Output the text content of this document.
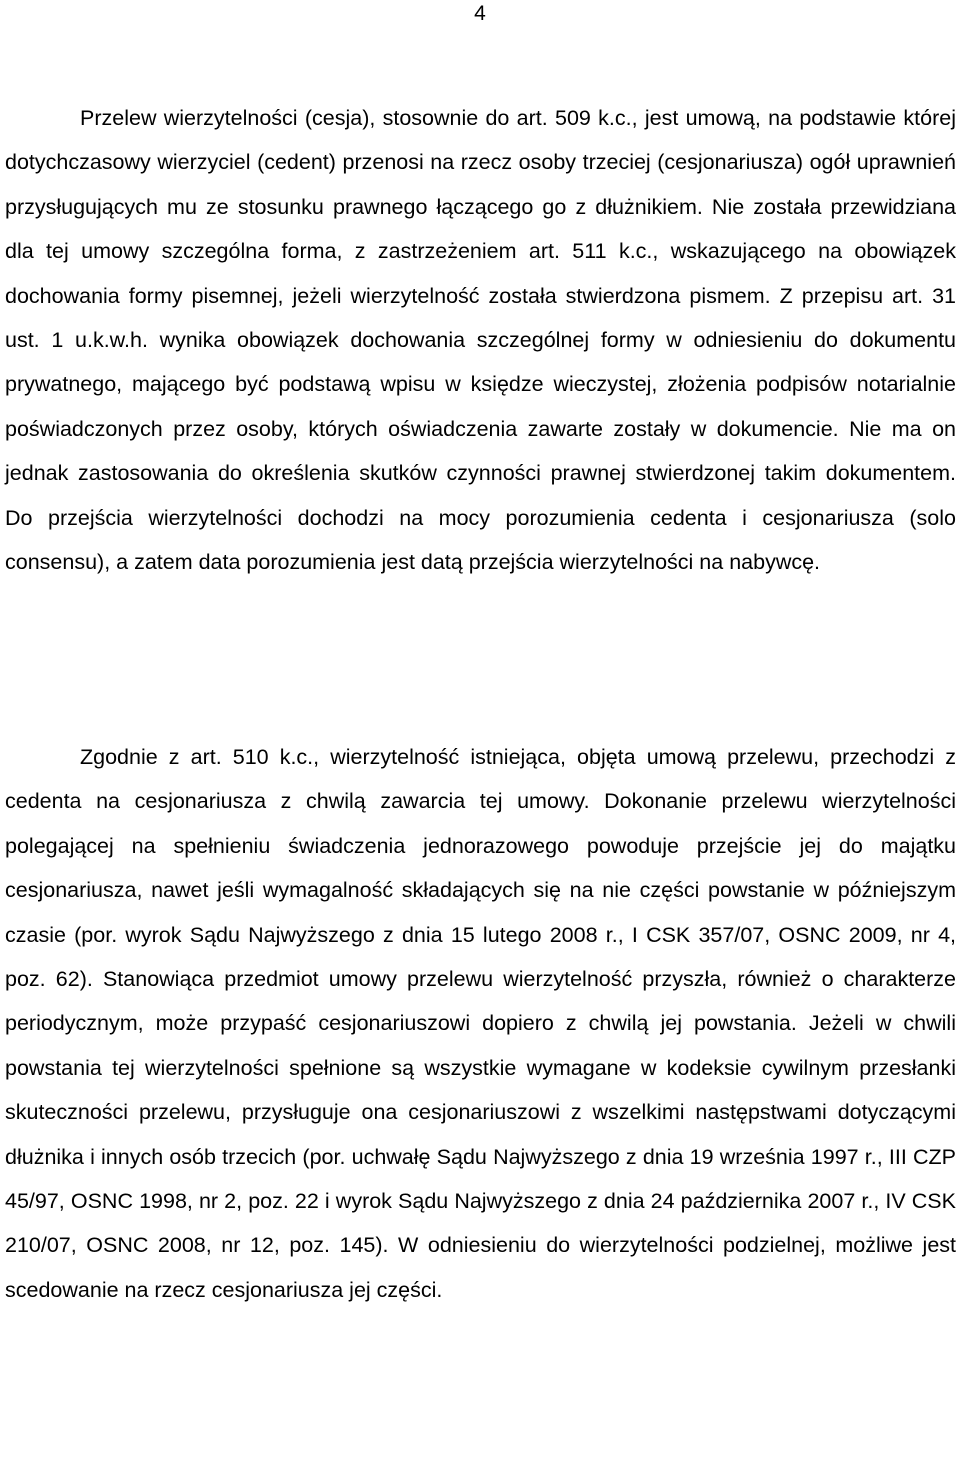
4

Przelew wierzytelności (cesja), stosownie do art. 509 k.c., jest umową, na podstawie której dotychczasowy wierzyciel (cedent) przenosi na rzecz osoby trzeciej (cesjonariusza) ogół uprawnień przysługujących mu ze stosunku prawnego łączącego go z dłużnikiem. Nie została przewidziana dla tej umowy szczególna forma, z zastrzeżeniem art. 511 k.c., wskazującego na obowiązek dochowania formy pisemnej, jeżeli wierzytelność została stwierdzona pismem. Z przepisu art. 31 ust. 1 u.k.w.h. wynika obowiązek dochowania szczególnej formy w odniesieniu do dokumentu prywatnego, mającego być podstawą wpisu w księdze wieczystej, złożenia podpisów notarialnie poświadczonych przez osoby, których oświadczenia zawarte zostały w dokumencie. Nie ma on jednak zastosowania do określenia skutków czynności prawnej stwierdzonej takim dokumentem. Do przejścia wierzytelności dochodzi na mocy porozumienia cedenta i cesjonariusza (solo consensu), a zatem data porozumienia jest datą przejścia wierzytelności na nabywcę.

Zgodnie z art. 510 k.c., wierzytelność istniejąca, objęta umową przelewu, przechodzi z cedenta na cesjonariusza z chwilą zawarcia tej umowy. Dokonanie przelewu wierzytelności polegającej na spełnieniu świadczenia jednorazowego powoduje przejście jej do majątku cesjonariusza, nawet jeśli wymagalność składających się na nie części powstanie w późniejszym czasie (por. wyrok Sądu Najwyższego z dnia 15 lutego 2008 r., I CSK 357/07, OSNC 2009, nr 4, poz. 62). Stanowiąca przedmiot umowy przelewu wierzytelność przyszła, również o charakterze periodycznym, może przypaść cesjonariuszowi dopiero z chwilą jej powstania. Jeżeli w chwili powstania tej wierzytelności spełnione są wszystkie wymagane w kodeksie cywilnym przesłanki skuteczności przelewu, przysługuje ona cesjonariuszowi z wszelkimi następstwami dotyczącymi dłużnika i innych osób trzecich (por. uchwałę Sądu Najwyższego z dnia 19 września 1997 r., III CZP 45/97, OSNC 1998, nr 2, poz. 22 i wyrok Sądu Najwyższego z dnia 24 października 2007 r., IV CSK 210/07, OSNC 2008, nr 12, poz. 145). W odniesieniu do wierzytelności podzielnej, możliwe jest scedowanie na rzecz cesjonariusza jej części.
